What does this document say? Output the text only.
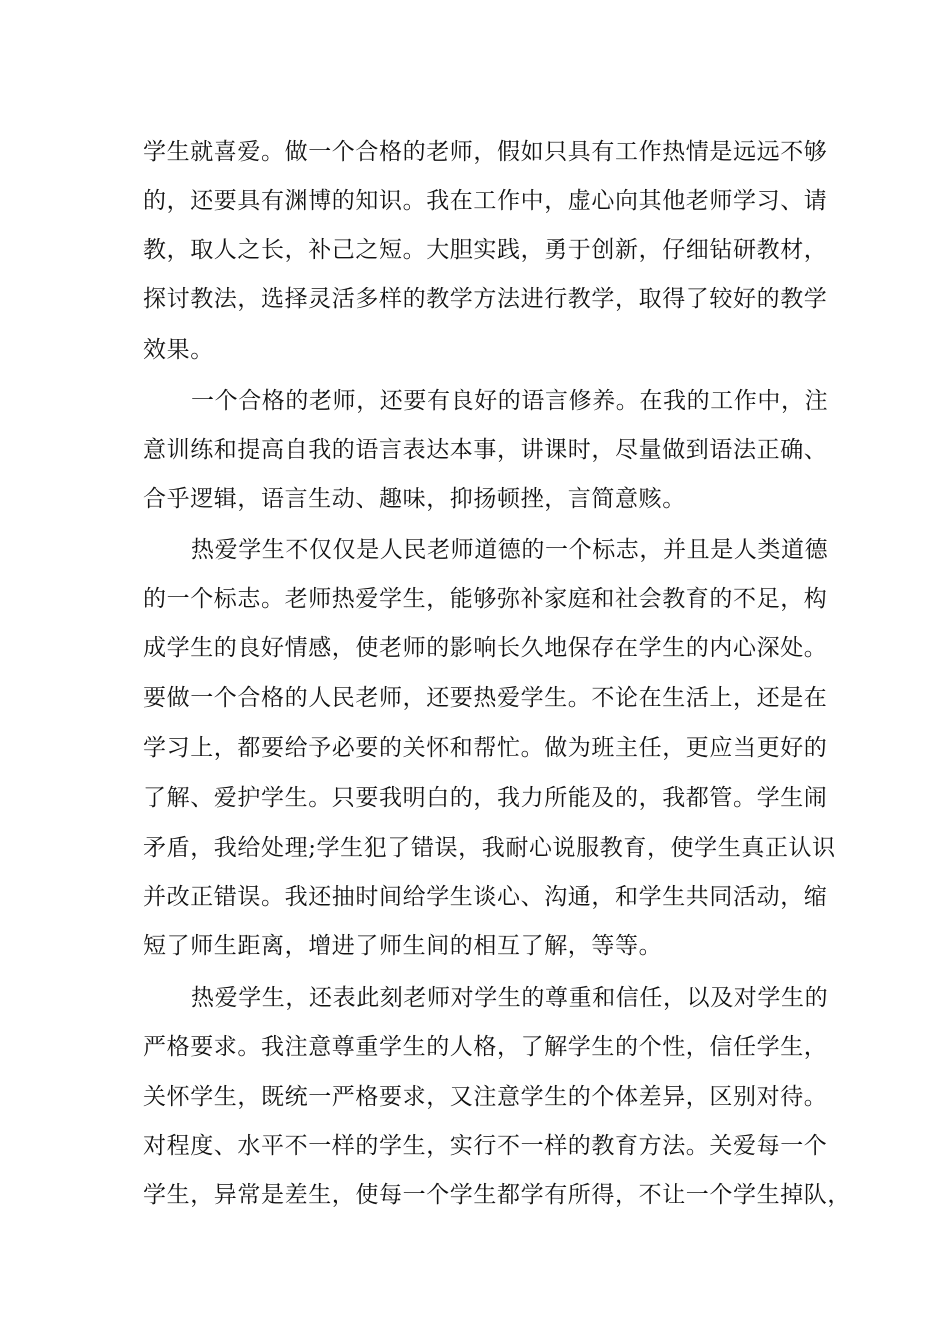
学生就喜爱。做一个合格的老师，假如只具有工作热情是远远不够

的，还要具有渊博的知识。我在工作中，虚心向其他老师学习、请

教，取人之长，补己之短。大胆实践，勇于创新，仔细钻研教材，

探讨教法，选择灵活多样的教学方法进行教学，取得了较好的教学

效果。

一个合格的老师，还要有良好的语言修养。在我的工作中，注

意训练和提高自我的语言表达本事，讲课时，尽量做到语法正确、

合乎逻辑，语言生动、趣味，抑扬顿挫，言简意赅。

热爱学生不仅仅是人民老师道德的一个标志，并且是人类道德

的一个标志。老师热爱学生，能够弥补家庭和社会教育的不足，构

成学生的良好情感，使老师的影响长久地保存在学生的内心深处。

要做一个合格的人民老师，还要热爱学生。不论在生活上，还是在

学习上，都要给予必要的关怀和帮忙。做为班主任，更应当更好的

了解、爱护学生。只要我明白的，我力所能及的，我都管。学生闹

矛盾，我给处理;学生犯了错误，我耐心说服教育，使学生真正认识

并改正错误。我还抽时间给学生谈心、沟通，和学生共同活动，缩

短了师生距离，增进了师生间的相互了解，等等。

热爱学生，还表此刻老师对学生的尊重和信任，以及对学生的

严格要求。我注意尊重学生的人格，了解学生的个性，信任学生，

关怀学生，既统一严格要求，又注意学生的个体差异，区别对待。

对程度、水平不一样的学生，实行不一样的教育方法。关爱每一个

学生，异常是差生，使每一个学生都学有所得，不让一个学生掉队，
